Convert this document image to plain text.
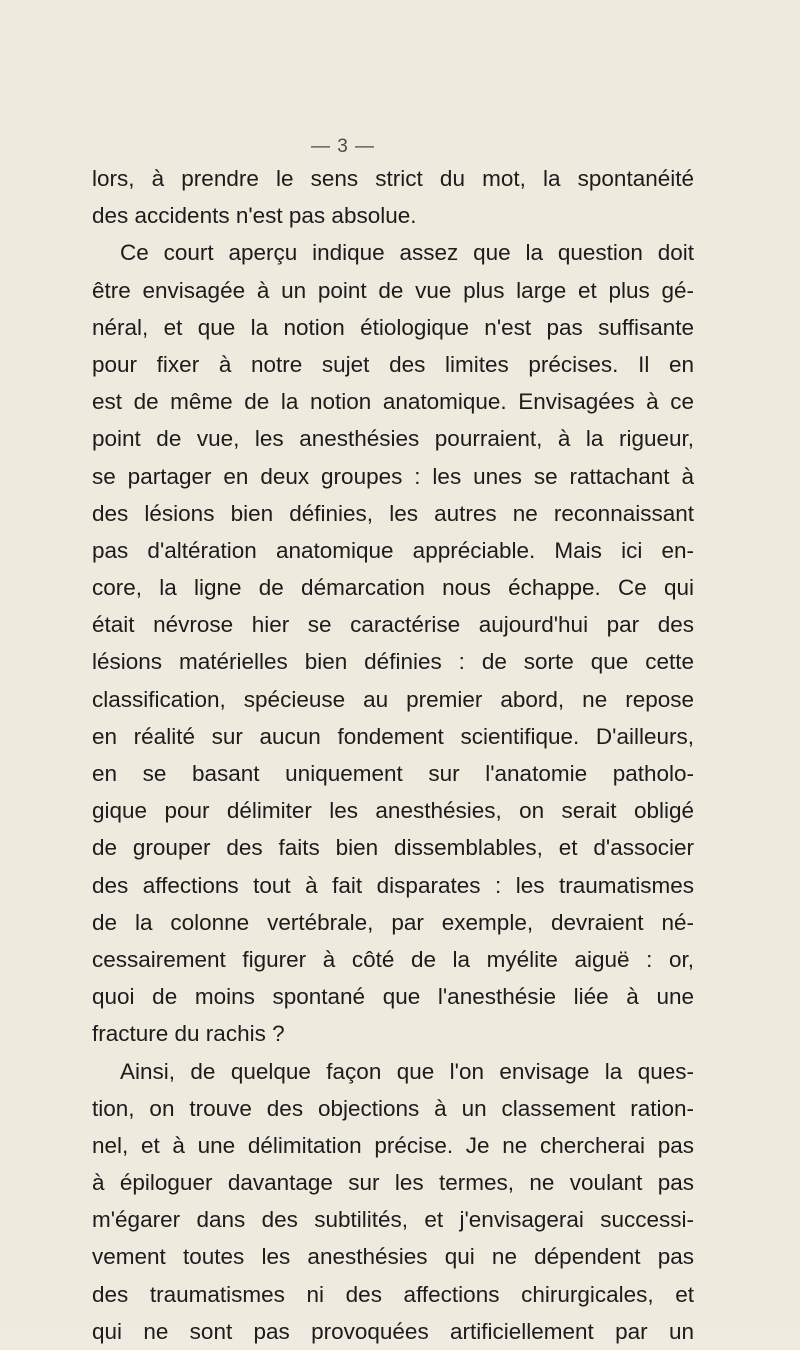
— 3 —
lors, à prendre le sens strict du mot, la spontanéité
des accidents n'est pas absolue.
Ce court aperçu indique assez que la question doit
être envisagée à un point de vue plus large et plus gé-
néral, et que la notion étiologique n'est pas suffisante
pour fixer à notre sujet des limites précises. Il en
est de même de la notion anatomique. Envisagées à ce
point de vue, les anesthésies pourraient, à la rigueur,
se partager en deux groupes : les unes se rattachant à
des lésions bien définies, les autres ne reconnaissant
pas d'altération anatomique appréciable. Mais ici en-
core, la ligne de démarcation nous échappe. Ce qui
était névrose hier se caractérise aujourd'hui par des
lésions matérielles bien définies : de sorte que cette
classification, spécieuse au premier abord, ne repose
en réalité sur aucun fondement scientifique. D'ailleurs,
en se basant uniquement sur l'anatomie patholo-
gique pour délimiter les anesthésies, on serait obligé
de grouper des faits bien dissemblables, et d'associer
des affections tout à fait disparates : les traumatismes
de la colonne vertébrale, par exemple, devraient né-
cessairement figurer à côté de la myélite aiguë : or,
quoi de moins spontané que l'anesthésie liée à une
fracture du rachis ?
Ainsi, de quelque façon que l'on envisage la ques-
tion, on trouve des objections à un classement ration-
nel, et à une délimitation précise. Je ne chercherai pas
à épiloguer davantage sur les termes, ne voulant pas
m'égarer dans des subtilités, et j'envisagerai successi-
vement toutes les anesthésies qui ne dépendent pas
des traumatismes ni des affections chirurgicales, et
qui ne sont pas provoquées artificiellement par un
